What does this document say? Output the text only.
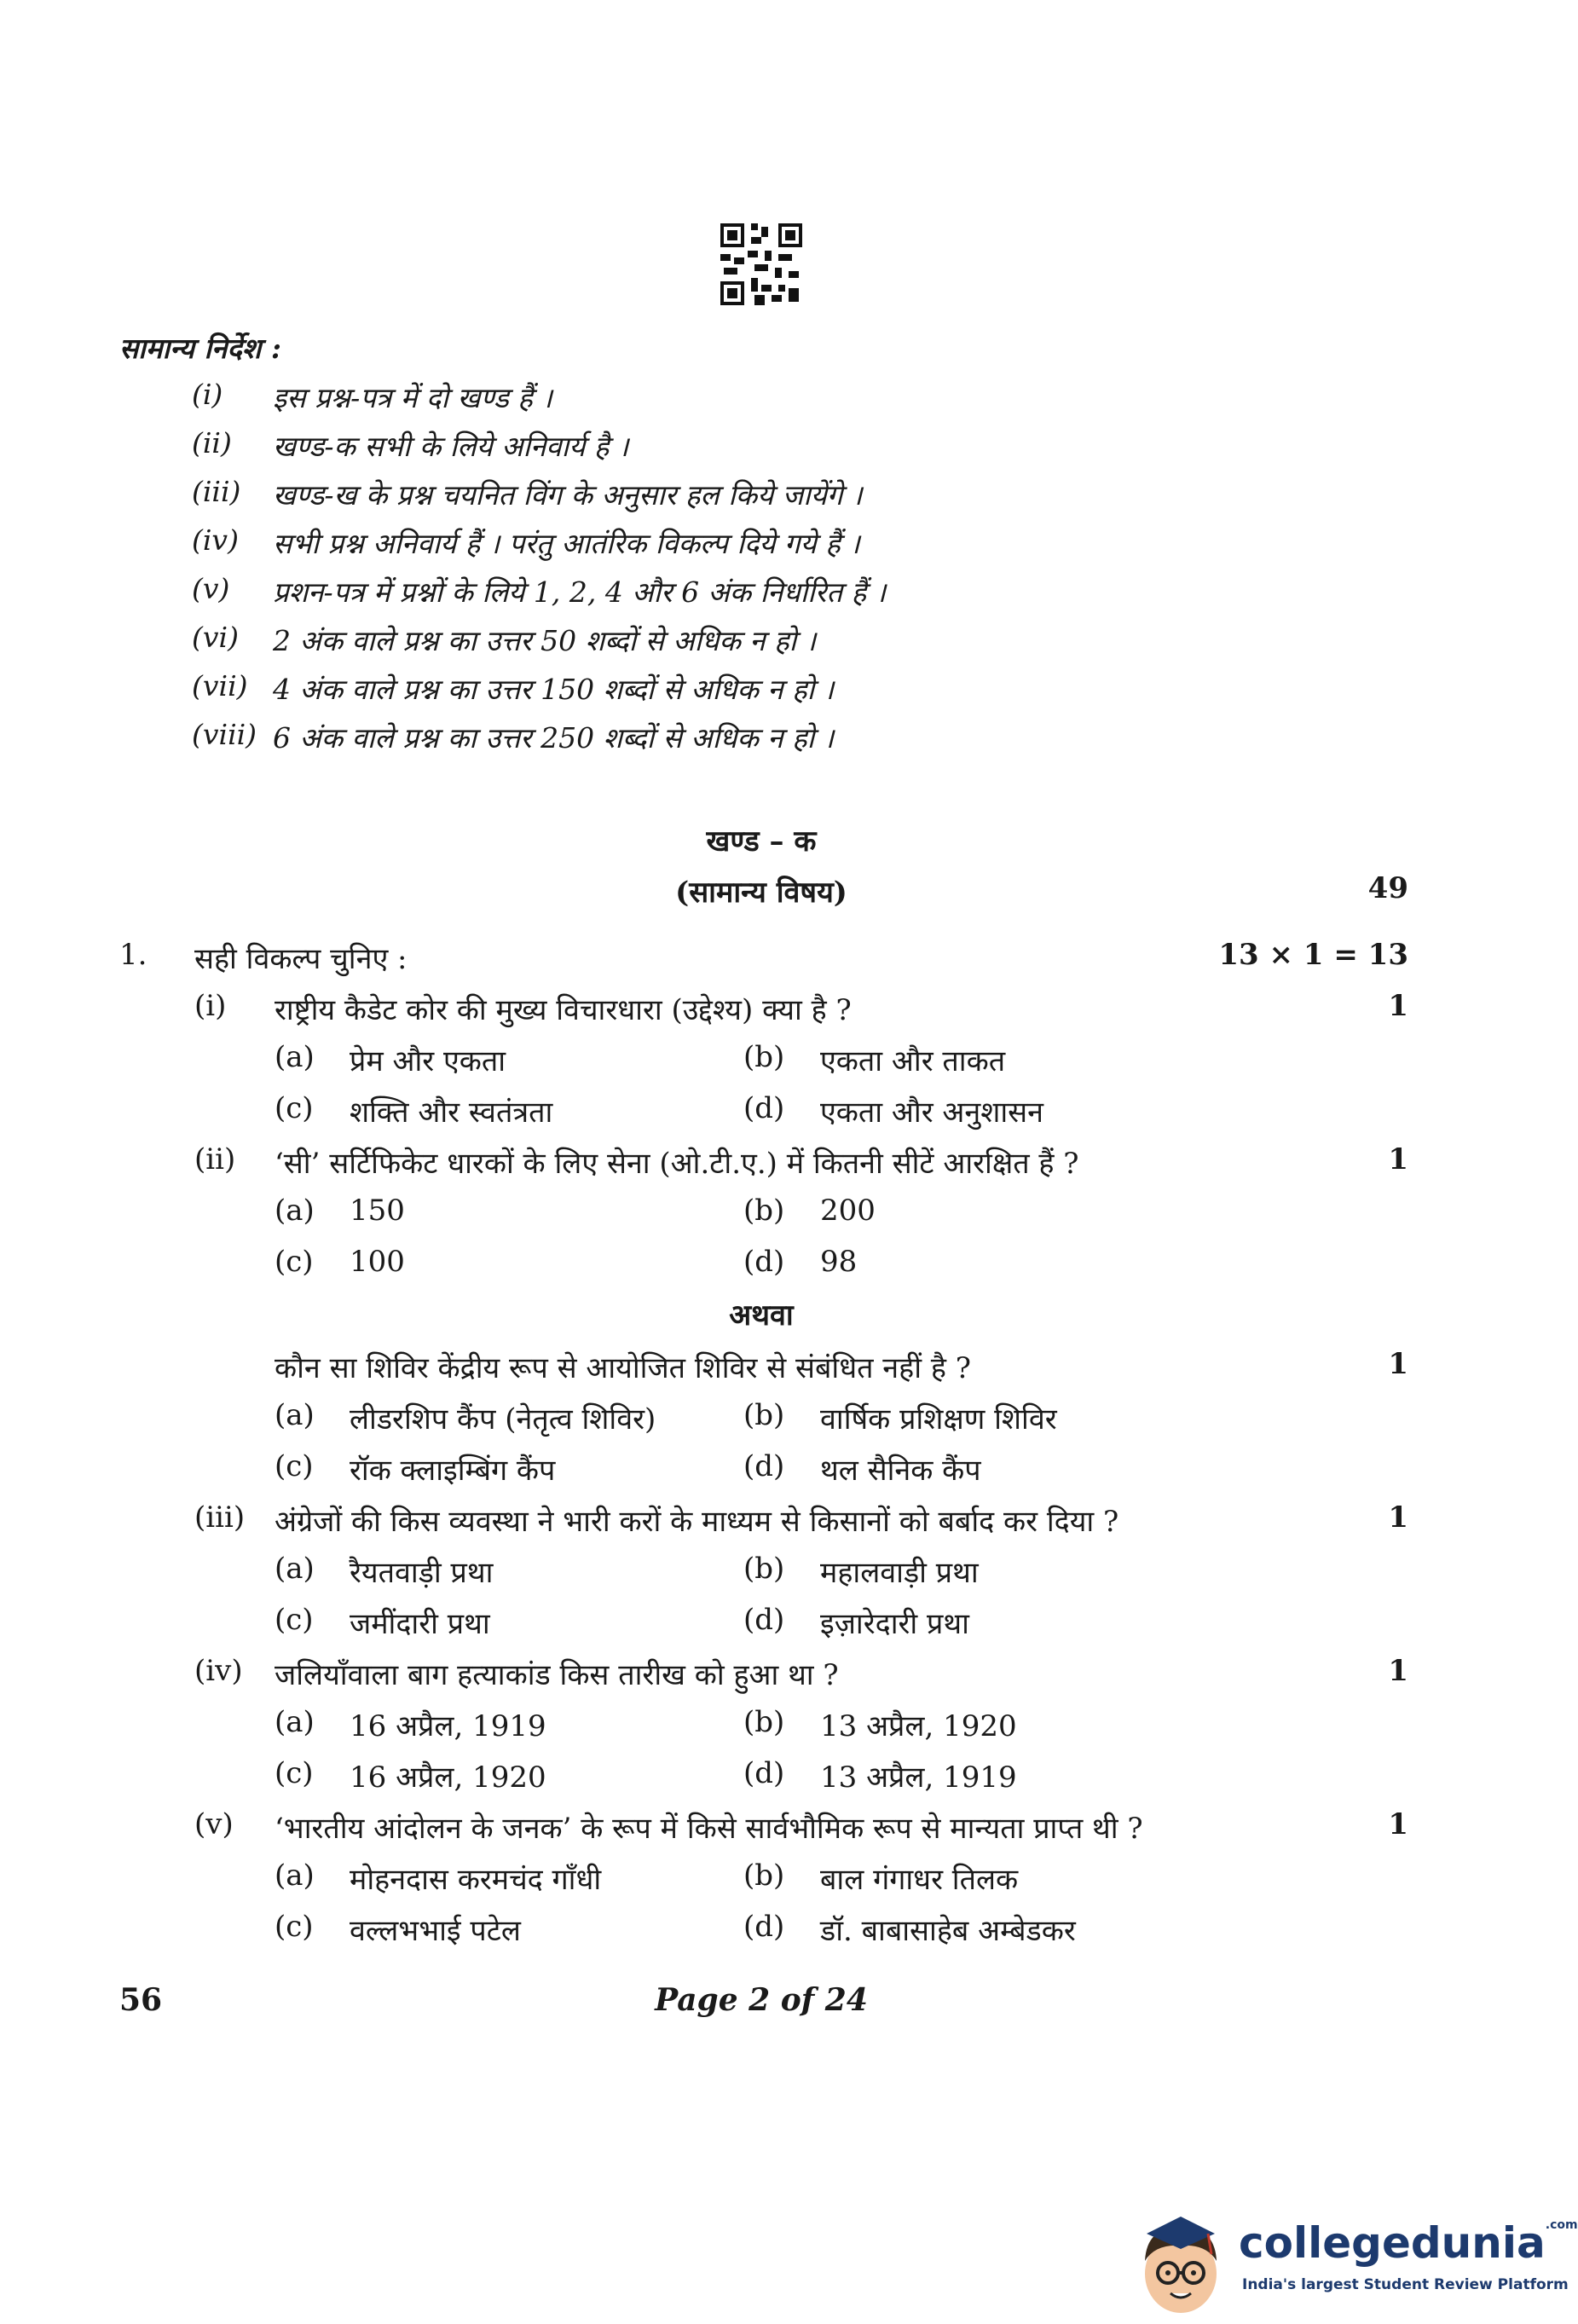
सामान्य निर्देश :
(i) इस प्रश्न-पत्र में दो खण्ड हैं ।
(ii) खण्ड-क सभी के लिये अनिवार्य है ।
(iii) खण्ड-ख के प्रश्न चयनित विंग के अनुसार हल किये जायेंगे ।
(iv) सभी प्रश्न अनिवार्य हैं । परंतु आतंरिक विकल्प दिये गये हैं ।
(v) प्रशन-पत्र में प्रश्नों के लिये 1, 2, 4 और 6 अंक निर्धारित हैं ।
(vi) 2 अंक वाले प्रश्न का उत्तर 50 शब्दों से अधिक न हो ।
(vii) 4 अंक वाले प्रश्न का उत्तर 150 शब्दों से अधिक न हो ।
(viii) 6 अंक वाले प्रश्न का उत्तर 250 शब्दों से अधिक न हो ।
खण्ड – क
(सामान्य विषय)	49
1. सही विकल्प चुनिए :	13 × 1 = 13
(i) राष्ट्रीय कैडेट कोर की मुख्य विचारधारा (उद्देश्य) क्या है ?	1
(a) प्रेम और एकता	(b) एकता और ताकत
(c) शक्ति और स्वतंत्रता	(d) एकता और अनुशासन
(ii) ‘सी’ सर्टिफिकेट धारकों के लिए सेना (ओ.टी.ए.) में कितनी सीटें आरक्षित हैं ?	1
(a) 150	(b) 200
(c) 100	(d) 98
अथवा
कौन सा शिविर केंद्रीय रूप से आयोजित शिविर से संबंधित नहीं है ?	1
(a) लीडरशिप कैंप (नेतृत्व शिविर)	(b) वार्षिक प्रशिक्षण शिविर
(c) रॉक क्लाइम्बिंग कैंप	(d) थल सैनिक कैंप
(iii) अंग्रेजों की किस व्यवस्था ने भारी करों के माध्यम से किसानों को बर्बाद कर दिया ?	1
(a) रैयतवाड़ी प्रथा	(b) महालवाड़ी प्रथा
(c) जमींदारी प्रथा	(d) इज़ारेदारी प्रथा
(iv) जलियाँवाला बाग हत्याकांड किस तारीख को हुआ था ?	1
(a) 16 अप्रैल, 1919	(b) 13 अप्रैल, 1920
(c) 16 अप्रैल, 1920	(d) 13 अप्रैल, 1919
(v) ‘भारतीय आंदोलन के जनक’ के रूप में किसे सार्वभौमिक रूप से मान्यता प्राप्त थी ?	1
(a) मोहनदास करमचंद गाँधी	(b) बाल गंगाधर तिलक
(c) वल्लभभाई पटेल	(d) डॉ. बाबासाहेब अम्बेडकर
56	Page 2 of 24
collegedunia$^{.com}$
India's largest Student Review Platform
